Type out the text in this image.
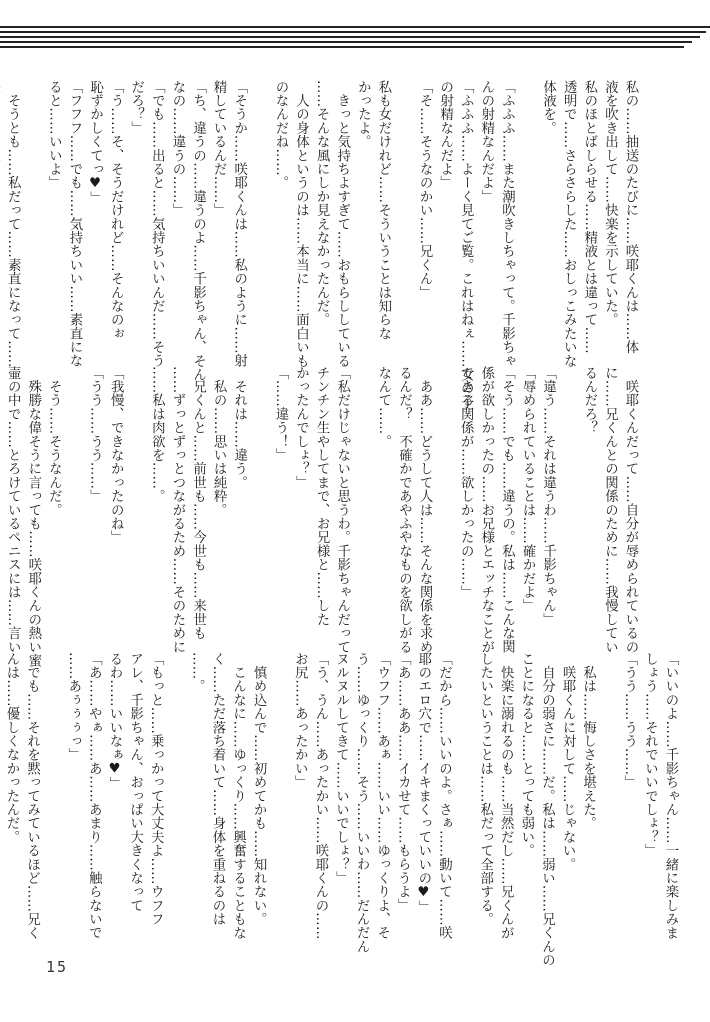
私の……抽送のたびに……咲耶くんは……体
液を吹き出して……快楽を示していた。
私のほとばしらせる……精液とは違って……
透明で……さらさらした……おしっこみたいな
体液を。

「ふふふ……また潮吹きしちゃって。千影ちゃ
んの射精なんだよ」
「ふふふ……よーく見てご覧。これはねぇ……女の子
の射精なんだよ」
「そ……そうなのかい……兄くん」

私も女だけれど……そういうことは知らな
かったよ。
　きっと気持ちよすぎて……おもらししている
……そんな風にしか見えなかったんだ。
　人の身体というのは……本当に……面白いも
のなんだね……。

「そうか……咲耶くんは……私のように……射
精しているんだ……」
「ち、違うの……違うのよ……千影ちゃん、そん
なの……違うの……」
「でも……出ると……気持ちいいんだ……そう
だろ？」
「う……そ、そうだけれど……そんなのぉ
恥ずかしくてっ♥」
「フフフ……でも……気持ちいい……素直にな
ると……いいよ」

　そうとも……私だって……素直になって……

　咲耶くんだって……自分が辱められているの
に……兄くんとの関係のために……我慢してい
るんだろ？

「違う……それは違うわ……千影ちゃん」
「辱められていることは……確かだよ」
「そう……でも……違うの。私は……こんな関
係が欲しかったの……お兄様とエッチなことが
できる関係が……欲しかったの……」

　ああ……どうして人は……そんな関係を求め
るんだ？　不確かであやふやなものを欲しがる
なんて……。

「私だけじゃないと思うわ。千影ちゃんだって
チンチン生やしてまで、お兄様と……した
かったんでしょ？」
「……違う！」

　それは……違う。
　私の……思いは純粋。
　兄くんと……前世も……今世も……来世も
……ずっとずっとつながるため……そのために
……私は肉欲を……。

「我慢、できなかったのね」
「うう……うう……」

　そう……そうなんだ。
　殊勝な偉そうに言っても……咲耶くんの熱い蜜
壷の中で……とろけているペニスには……言い

「いいのよ……千影ちゃん……一緒に楽しみま
しょう……それでいいでしょ？」
「うう……うう……」

　私は……悔しさを堪えた。
　咲耶くんに対して……じゃない。
　自分の弱さに……だ。私は……弱い……兄くんの
ことになると……とっても弱い。
　快楽に溺れるのも……当然だし……兄くんが
したいということは……私だって全部する。

「だから……いいのよ。さぁ……動いて……咲
耶のエロ穴で……イキまくっていいの♥」
「あ……ああ……イカせて……もらうよ」
「ウフフ……あぁ……いい……ゆっくりよ、そ
う……ゆっくり……そう……いいわ……だんだん
ヌルヌルしてきて……いいでしょ？」
「う、うん……あったかい……咲耶くんの……
お尻……あったかい」

　慎め込んで……初めてかも……知れない。
　こんなに……ゆっくり……興奮することもな
く……ただ落ち着いて……身体を重ねるのは
……。

「もっと……乗っかって大丈夫よ……ウフフ
アレ、千影ちゃん、おっぱい大きくなって
るわ……いいなぁ♥」
「あ……やぁ……あ……あまり……触らないで
……あぅぅぅっ」

　でも……それを黙ってみているほど……兄く
んは……優しくなかったんだ。
15
